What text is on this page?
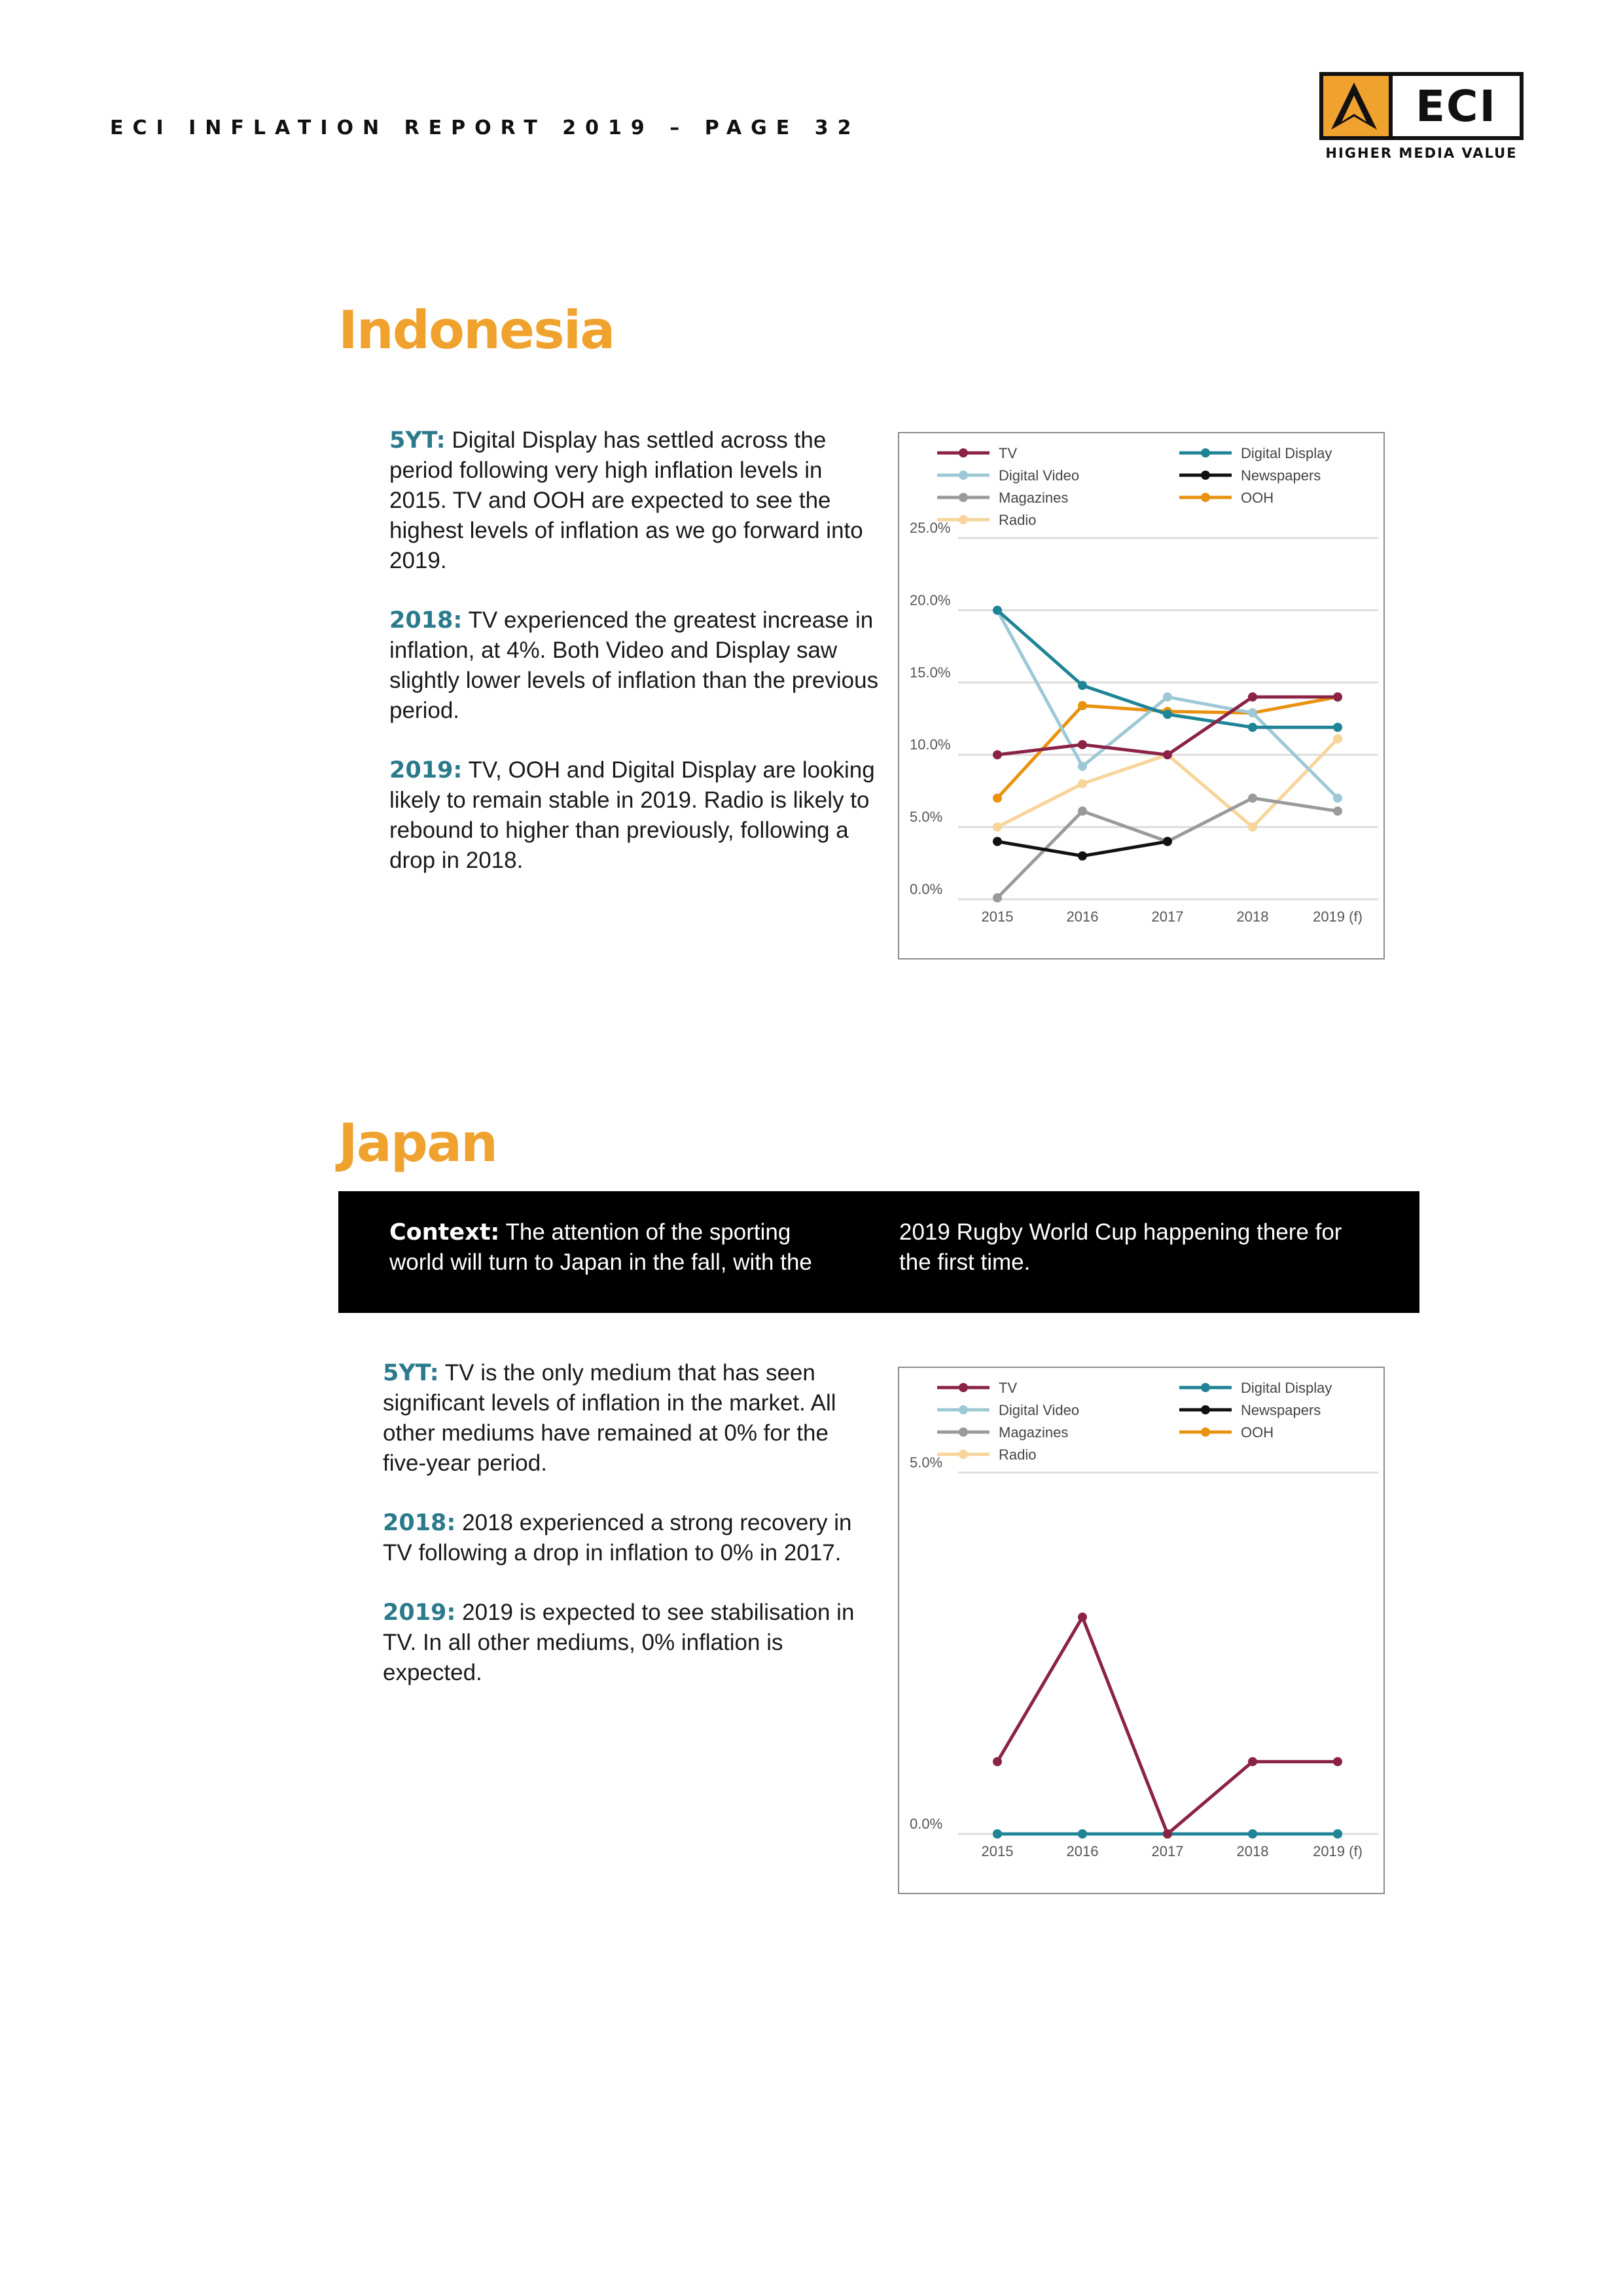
ECI INFLATION REPORT 2019 – PAGE 32	ECI
HIGHER MEDIA VALUE
Indonesia

5YT: Digital Display has settled across the period following very high inflation levels in 2015. TV and OOH are expected to see the highest levels of inflation as we go forward into 2019.

2018: TV experienced the greatest increase in inflation, at 4%. Both Video and Display saw slightly lower levels of inflation than the previous period.

2019: TV, OOH and Digital Display are looking likely to remain stable in 2019. Radio is likely to rebound to higher than previously, following a drop in 2018.

TV
Digital Video
Magazines
Radio
Digital Display
Newspapers
OOH
0.0%
5.0%
10.0%
15.0%
20.0%
25.0%
2015	2016	2017	2018	2019 (f)
Japan
Context: The attention of the sporting world will turn to Japan in the fall, with the
2019 Rugby World Cup happening there for the first time.

5YT: TV is the only medium that has seen significant levels of inflation in the market. All other mediums have remained at 0% for the five-year period.

2018: 2018 experienced a strong recovery in TV following a drop in inflation to 0% in 2017.

2019: 2019 is expected to see stabilisation in TV. In all other mediums, 0% inflation is expected.

TV
Digital Video
Magazines
Radio
Digital Display
Newspapers
OOH
0.0%
5.0%
2015	2016	2017	2018	2019 (f)
